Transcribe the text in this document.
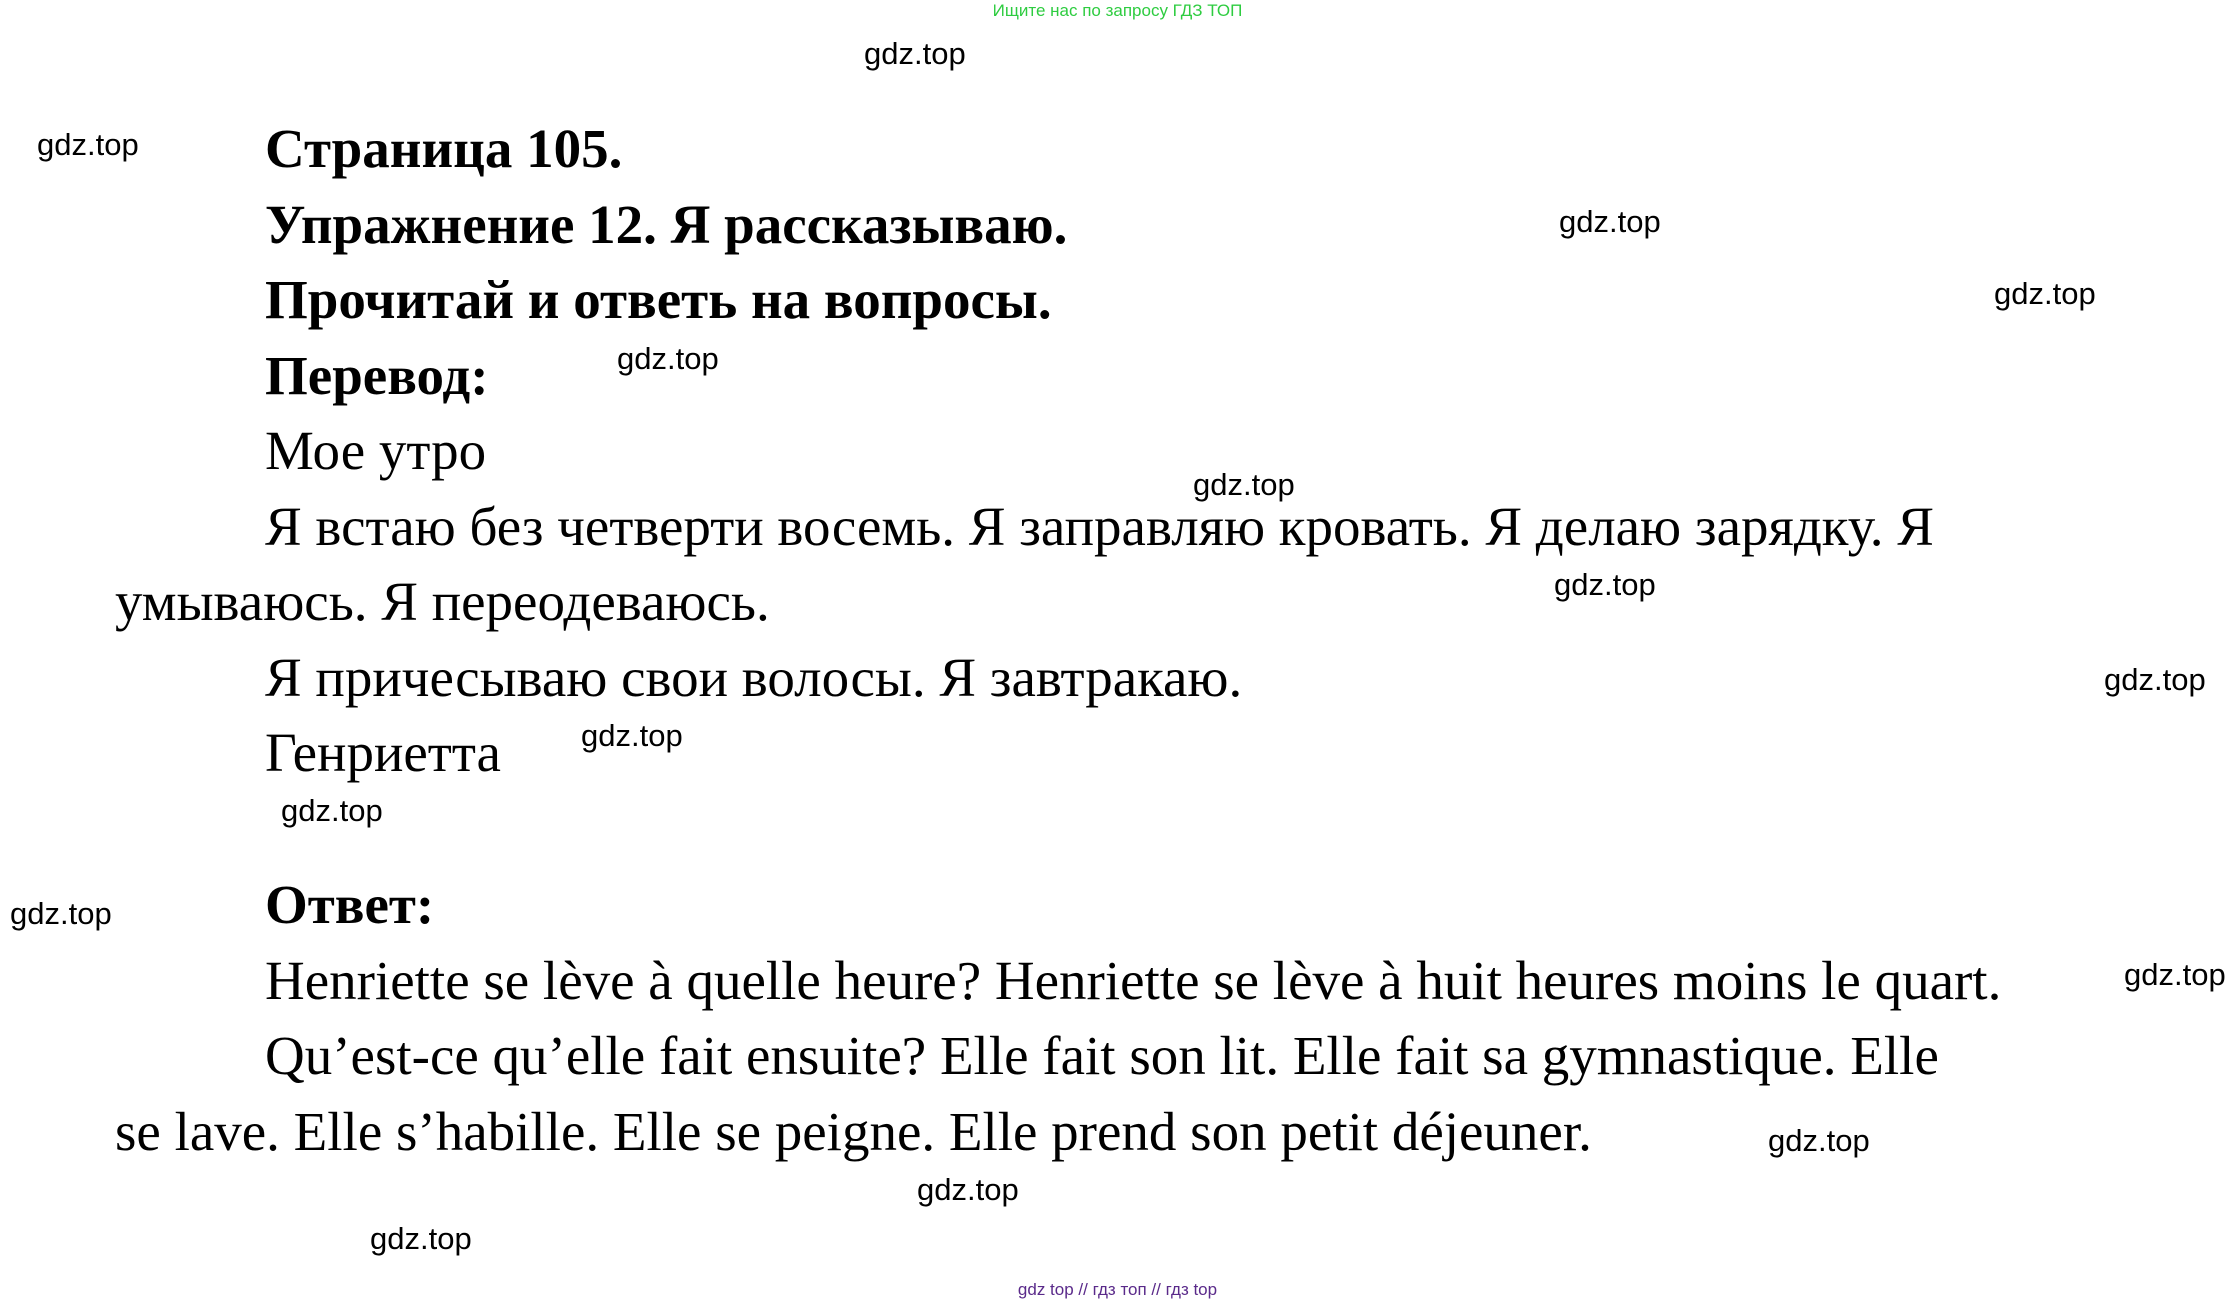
Ищите нас по запросу ГДЗ ТОП
gdz.top
gdz.top
gdz.top
gdz.top
gdz.top
gdz.top
gdz.top
gdz.top
gdz.top
gdz.top
gdz.top
gdz.top
gdz.top
gdz.top
gdz.top
Страница 105.
Упражнение 12. Я рассказываю.
Прочитай и ответь на вопросы.
Перевод:
Мое утро
Я встаю без четверти восемь. Я заправляю кровать. Я делаю зарядку. Я
умываюсь. Я переодеваюсь.
Я причесываю свои волосы. Я завтракаю.
Генриетта
Ответ:
Henriette se lève à quelle heure? Henriette se lève à huit heures moins le quart.
Qu’est-ce qu’elle fait ensuite? Elle fait son lit. Elle fait sa gymnastique. Elle
se lave. Elle s’habille. Elle se peigne. Elle prend son petit déjeuner.
gdz top // гдз топ // гдз top
